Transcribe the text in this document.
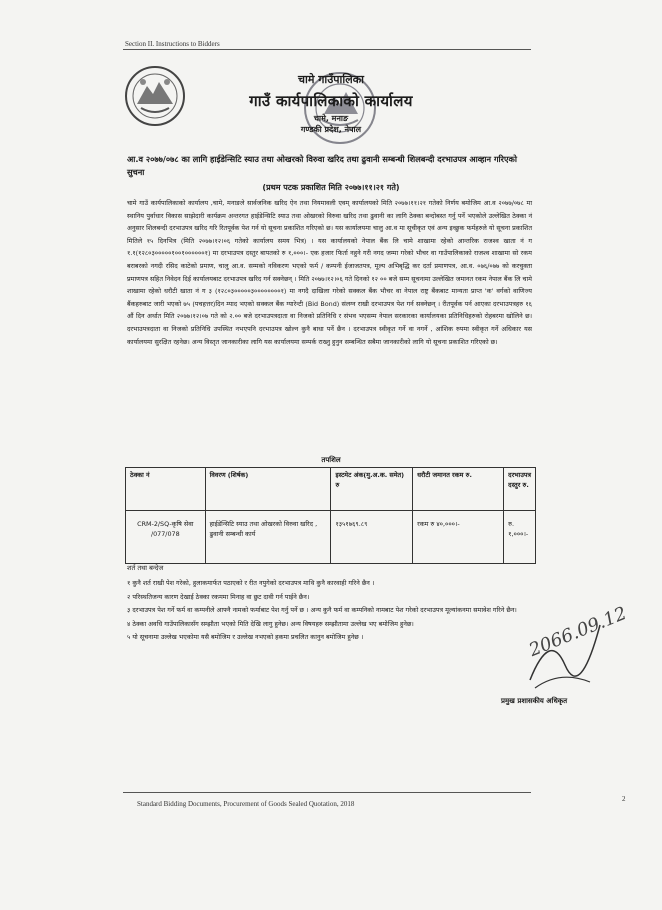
Section II. Instructions to Bidders
चामे गाउँपालिका
गाउँ कार्यपालिकाको कार्यालय
चामे, मनाङ
गण्डकी प्रदेश, नेपाल
आ.व २०७७/०७८ का लागि हाईडेन्सिटि स्याउ तथा ओखरको विरुवा खरिद तथा ढुवानी सम्बन्धी शिलबन्दी दरभाउपत्र आव्हान गरिएको सुचना
(प्रथम पटक प्रकाशित मिति २०७७।११।२१ गते)
चामे गाउँ कार्यपालिकाको कार्यालय ,चामे, मनाङले सार्वजनिक खरिद ऐन तथा नियमावली एवम् कार्यालयको मिति २०७७।११।२१ गतेको निर्णय बमोजिम आ.व २०७७/०७८ मा स्थानिय पुर्वाधार विकास साझेदारी कार्यक्रम अन्तरगत हाईडेन्सिटि स्याउ तथा ओखरको विरुवा खरिद तथा ढुवानी का लागि ठेक्का बन्दोबस्त गर्नु पर्ने भएकोले उल्लेखित ठेक्का नं अनुसार शिलबन्दी दरभाउपत्र खरिद गरि रितपूर्वक पेश गर्न यो सूचना प्रकाशित गरिएको छ। यस कार्यालयमा चालु आ.व मा सूचीकृत एवं अन्य इच्छुक फर्महरुले यो सूचना प्रकाशित मितिले १५ दिनभित्र (मिति २०७७।१२।०६ गतेको कार्यालय समय भित्र) । यस कार्यालयको नेपाल बैंक लि चामे शाखामा रहेको आन्तरिक राजश्व खाता नं ग १.१(१२८०३०००००१००१००००००१) मा दरभाउपत्र दस्तुर बापतको रु १,०००।- एक हजार फिर्ता नहुने गरी नगद जम्मा गरेको भौचर वा गाउँपालिकाको राजश्व शाखामा सो रकम बराबरको नगदी रसिद काटेको प्रमाण, चालु आ.व. सम्मको नविकरण भएको फर्म / कम्पनी ईजाजतपत्र, मूल्य अभिबृद्धि कर दर्ता प्रमाणपत्र, आ.व. ०७६/०७७ को करचुक्ता प्रमाणपत्र सहित निवेदन दिई कार्यालयबाट दरभाउपत्र खरिद गर्न सक्नेछन् । मिति २०७७।१२।०६ गते दिनको १२ ०० बजे सम्म सूचनामा उल्लेखित जमानत रकम नेपाल बैंक लि चामे शाखामा रहेको धरौटी खाता नं ग ३ (१२८०३०००००३००००००००१) मा नगदै दाखिला गरेको सक्कल बैंक भौचर वा नेपाल राष्ट्र बैंकबाट मान्यता प्राप्त 'क' वर्गको वाणिज्य बैंकहरुबाट जारी भएको ७५ (पचहत्तर)दिन म्याद भएको सक्कल बैंक ग्यारेन्टी (Bid Bond) संलग्न राखी दरभाउपत्र पेश गर्न सक्नेछन् । रीतपूर्वक पर्न आएका दरभाउपत्रहरु १६ औं दिन अर्थात मिति २०७७।१२।०७ गते को २.०० बजे दरभाउपत्रदाता वा निजको प्रतिनिधि र संभव भएसम्म नेपाल सरकारका कार्यालयका प्रतिनिधिहरुको रोहबरमा खोलिने छ। दरभाउपत्रदाता वा निजको प्रतिनिधि उपस्थित नभएपनि दरभाउपत्र खोल्न कुनै बाधा पर्ने छैन । दरभाउपत्र स्वीकृत गर्ने वा नगर्ने , आंशिक रुपमा स्वीकृत गर्ने अधिकार यस कार्यालयमा सुरक्षित रहनेछ। अन्य विस्तृत जानकारीका लागि यस कार्यालयमा सम्पर्क राख्नु हुनुन सम्बन्धित सबैमा जानकारीको लागि यो सूचना प्रकाशित गरिएको छ।
तपशिल
ठेक्का नं	विवरण (शिर्षक)	इस्टमेट अंक(मु.अ.क. समेत) रु	धरौटी जमानत रकम रु.	दरभाउपत्र दस्तुर रु.
CRM-2/SQ-कृषि सेवा /077/078	हाईडेन्सिटि स्याउ तथा ओखरको विरुवा खरिद , ढुवानी सम्बन्धी कार्य	१३५१७६९.८९	रकम रु ४०,०००।-	रु. १,०००।-
शर्त तथा बन्देज
१ कुनै शर्त राखी पेश गरेको, हुलाकमार्फत पठाएको र रीत नपुगेको दरभाउपत्र माथि कुनै कारवाही गरिने छैन ।
२ परिस्थतिजन्य कारण देखाई ठेक्का रकममा मिनाह वा छुट दावी गर्न पाईने छैन।
३ दरभाउपत्र पेश गर्ने फर्म वा कम्पनीले आफ्नै नामको फर्माबाट पेश गर्नु पर्ने छ । अन्य कुनै फर्म वा कम्पनिको नामबाट पेश गरेको दरभाउपत्र मूल्यांकनमा समावेश गरिने छैन।
४ ठेक्का अवधि गाउँपालिकासँग सम्झौता भएको मिति देखि लागु हुनेछ। अन्य विषयहरु सम्झौतामा उल्लेख भए बमोजिम हुनेछ।
५ यो सूचनामा उल्लेख भएकोमा यसै बमोजिम र उल्लेख नभएको हकमा प्रचलित कानुन बमोजिम हुनेछ ।	2066.09.12
प्रमुख प्रशासकीय अधिकृत
Standard Bidding Documents, Procurement of Goods Sealed Quotation, 2018
2
